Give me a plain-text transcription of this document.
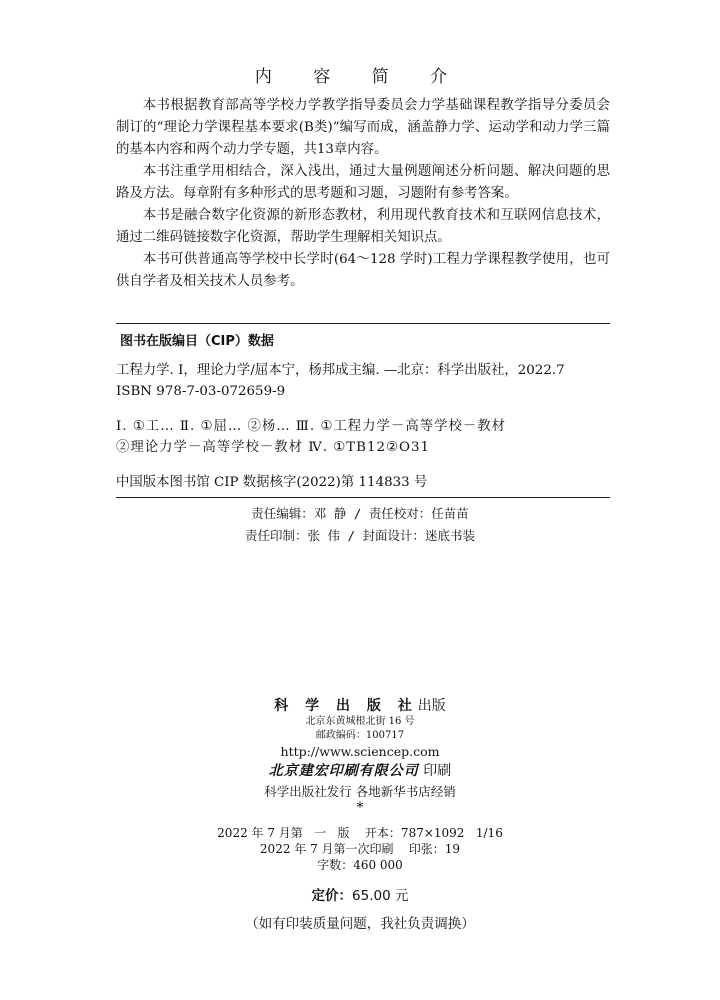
内 容 简 介

本书根据教育部高等学校力学教学指导委员会力学基础课程教学指导分委员会制订的“理论力学课程基本要求(B类)”编写而成，涵盖静力学、运动学和动力学三篇的基本内容和两个动力学专题，共13章内容。

本书注重学用相结合，深入浅出，通过大量例题阐述分析问题、解决问题的思路及方法。每章附有多种形式的思考题和习题，习题附有参考答案。

本书是融合数字化资源的新形态教材，利用现代教育技术和互联网信息技术，通过二维码链接数字化资源，帮助学生理解相关知识点。

本书可供普通高等学校中长学时(64～128 学时)工程力学课程教学使用，也可供自学者及相关技术人员参考。

图书在版编目（CIP）数据

工程力学. I，理论力学/屈本宁，杨邦成主编. —北京：科学出版社，2022.7

ISBN 978-7-03-072659-9

Ⅰ. ①工… Ⅱ. ①屈… ②杨… Ⅲ. ①工程力学－高等学校－教材

②理论力学－高等学校－教材 Ⅳ. ①TB12②O31

中国版本图书馆 CIP 数据核字(2022)第 114833 号

责任编辑：邓 静 / 责任校对：任苗苗
责任印制：张 伟 / 封面设计：迷底书装
科 学 出 版 社出版
北京东黄城根北街 16 号
邮政编码：100717
http://www.sciencep.com
北京建宏印刷有限公司 印刷
科学出版社发行 各地新华书店经销
*
2022 年 7 月第   一   版    开本：787×1092   1/16
2022 年 7 月第一次印刷    印张：19
字数：460 000
定价：65.00 元
（如有印装质量问题，我社负责调换）
